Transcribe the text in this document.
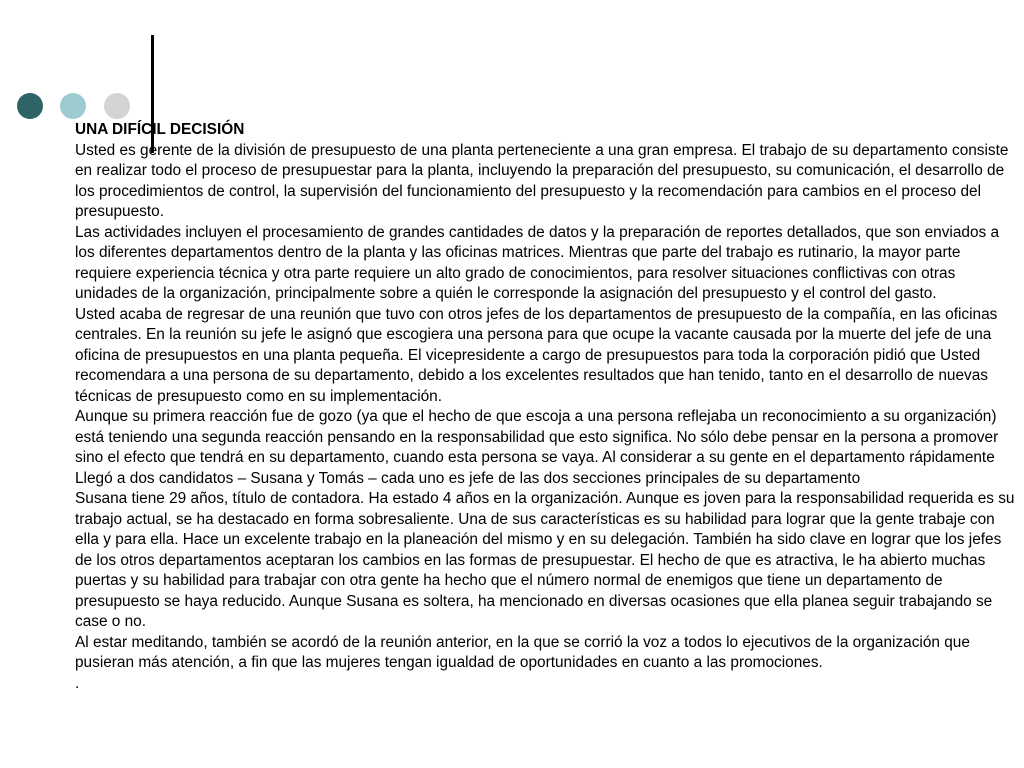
UNA DIFÍCIL DECISIÓN

Usted es gerente de la división de presupuesto de una planta perteneciente a una gran empresa. El trabajo de su departamento consiste en realizar todo el proceso de presupuestar para la planta, incluyendo la preparación del presupuesto, su comunicación, el desarrollo de los procedimientos de control, la supervisión del funcionamiento del presupuesto y la recomendación para cambios en el proceso del presupuesto.

Las actividades incluyen el procesamiento de grandes cantidades de datos y la preparación de reportes detallados, que son enviados a los diferentes departamentos dentro de la planta y las oficinas matrices. Mientras que parte del trabajo es rutinario, la mayor parte requiere experiencia técnica y otra parte requiere un alto grado de conocimientos, para resolver situaciones conflictivas con otras unidades de la organización, principalmente sobre a quién le corresponde la asignación del presupuesto y el control del gasto.

Usted acaba de regresar de una reunión que tuvo con otros jefes de los departamentos de presupuesto de la compañía, en las oficinas centrales. En la reunión su jefe le asignó que escogiera una persona para que ocupe la vacante causada por la muerte del jefe de una oficina de presupuestos en una planta pequeña. El vicepresidente a cargo de presupuestos para toda la corporación pidió que Usted recomendara a una persona de su departamento, debido a los excelentes resultados que han tenido, tanto en el desarrollo de nuevas técnicas de presupuesto como en su implementación.

Aunque su primera reacción fue de gozo (ya que el hecho de que escoja a una persona reflejaba un reconocimiento a su organización) está teniendo una segunda reacción pensando en la responsabilidad que esto significa. No sólo debe pensar en la persona a promover sino el efecto que tendrá en su departamento, cuando esta persona se vaya. Al considerar a su gente en el departamento rápidamente Llegó a dos candidatos – Susana y Tomás – cada uno es jefe de las dos secciones principales de su departamento

Susana tiene 29 años, título de contadora. Ha estado 4 años en la organización. Aunque es joven para la responsabilidad requerida es su trabajo actual, se ha destacado en forma sobresaliente. Una de sus características es su habilidad para lograr que la gente trabaje con ella y para ella. Hace un excelente trabajo en la planeación del mismo y en su delegación. También ha sido clave en lograr que los jefes de los otros departamentos aceptaran los cambios en las formas de presupuestar. El hecho de que es atractiva, le ha abierto muchas puertas y su habilidad para trabajar con otra gente ha hecho que el número normal de enemigos que tiene un departamento de presupuesto se haya reducido. Aunque Susana es soltera, ha mencionado en diversas ocasiones que ella planea seguir trabajando se case o no.

Al estar meditando, también se acordó de la reunión anterior, en la que se corrió la voz a todos lo ejecutivos de la organización que pusieran más atención, a fin que las mujeres tengan igualdad de oportunidades en cuanto a las promociones.

.
